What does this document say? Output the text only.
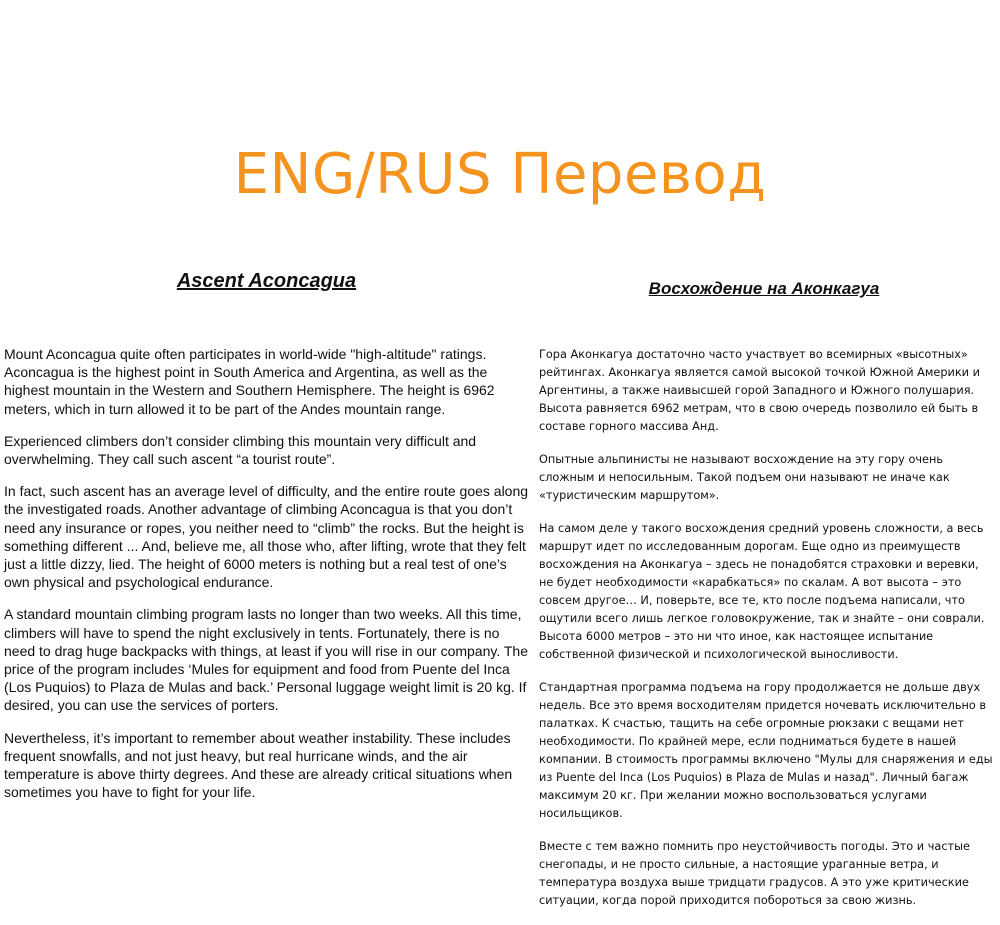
ENG/RUS Перевод
Ascent Aconcagua

Mount Aconcagua quite often participates in world-wide "high-altitude" ratings. Aconcagua is the highest point in South America and Argentina, as well as the highest mountain in the Western and Southern Hemisphere. The height is 6962 meters, which in turn allowed it to be part of the Andes mountain range.

Experienced climbers don’t consider climbing this mountain very difficult and overwhelming. They call such ascent “a tourist route”.

In fact, such ascent has an average level of difficulty, and the entire route goes along the investigated roads. Another advantage of climbing Aconcagua is that you don’t need any insurance or ropes, you neither need to “climb” the rocks. But the height is something different ... And, believe me, all those who, after lifting, wrote that they felt just a little dizzy, lied. The height of 6000 meters is nothing but a real test of one’s own physical and psychological endurance.

A standard mountain climbing program lasts no longer than two weeks. All this time, climbers will have to spend the night exclusively in tents. Fortunately, there is no need to drag huge backpacks with things, at least if you will rise in our company. The price of the program includes ‘Mules for equipment and food from Puente del Inca (Los Puquios) to Plaza de Mulas and back.’ Personal luggage weight limit is 20 kg. If desired, you can use the services of porters.

Nevertheless, it’s important to remember about weather instability. These includes frequent snowfalls, and not just heavy, but real hurricane winds, and the air temperature is above thirty degrees. And these are already critical situations when sometimes you have to fight for your life.

Восхождение на Аконкагуа

Гора Аконкагуа достаточно часто участвует во всемирных «высотных» рейтингах. Аконкагуа является самой высокой точкой Южной Америки и Аргентины, а также наивысшей горой Западного и Южного полушария. Высота равняется 6962 метрам, что в свою очередь позволило ей быть в составе горного массива Анд.

Опытные альпинисты не называют восхождение на эту гору очень сложным и непосильным. Такой подъем они называют не иначе как «туристическим маршрутом».

На самом деле у такого восхождения средний уровень сложности, а весь маршрут идет по исследованным дорогам. Еще одно из преимуществ восхождения на Аконкагуа – здесь не понадобятся страховки и веревки, не будет необходимости «карабкаться» по скалам. А вот высота – это совсем другое… И, поверьте, все те, кто после подъема написали, что ощутили всего лишь легкое головокружение, так и знайте – они соврали. Высота 6000 метров – это ни что иное, как настоящее испытание собственной физической и психологической выносливости.

Стандартная программа подъема на гору продолжается не дольше двух недель. Все это время восходителям придется ночевать исключительно в палатках. К счастью, тащить на себе огромные рюкзаки с вещами нет необходимости. По крайней мере, если подниматься будете в нашей компании. В стоимость программы включено "Мулы для снаряжения и еды из Puente del Inca (Los Puquios) в Plaza de Mulas и назад". Личный багаж максимум 20 кг. При желании можно воспользоваться услугами носильщиков.

Вместе с тем важно помнить про неустойчивость погоды. Это и частые снегопады, и не просто сильные, а настоящие ураганные ветра, и температура воздуха выше тридцати градусов. А это уже критические ситуации, когда порой приходится побороться за свою жизнь.
